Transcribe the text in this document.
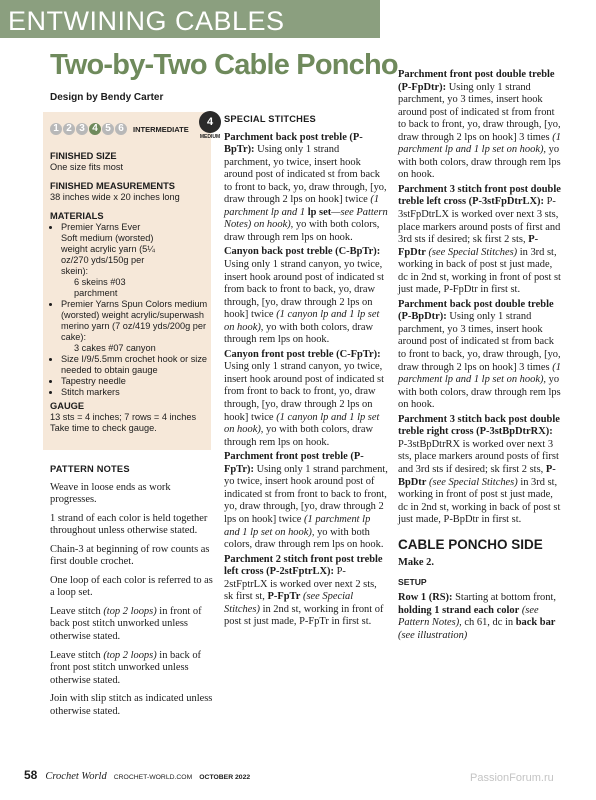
ENTWINING CABLES
Two-by-Two Cable Poncho
Design by Bendy Carter
1 2 3 4 5 6	INTERMEDIATE
FINISHED SIZE
One size fits most
FINISHED MEASUREMENTS
38 inches wide x 20 inches long
MATERIALS
• Premier Yarns Ever Soft medium (worsted) weight acrylic yarn (5¼ oz/270 yds/150g per skein):
6 skeins #03 parchment
• Premier Yarns Spun Colors medium (worsted) weight acrylic/superwash merino yarn (7 oz/419 yds/200g per cake):
3 cakes #07 canyon
• Size I/9/5.5mm crochet hook or size needed to obtain gauge
• Tapestry needle
• Stitch markers
GAUGE
13 sts = 4 inches; 7 rows = 4 inches
Take time to check gauge.
4
MEDIUM

PATTERN NOTES

Weave in loose ends as work progresses.

1 strand of each color is held together throughout unless otherwise stated.

Chain-3 at beginning of row counts as first double crochet.

One loop of each color is referred to as a loop set.

Leave stitch (top 2 loops) in front of back post stitch unworked unless otherwise stated.

Leave stitch (top 2 loops) in back of front post stitch unworked unless otherwise stated.

Join with slip stitch as indicated unless otherwise stated.

SPECIAL STITCHES

Parchment back post treble (P-BpTr): Using only 1 strand parchment, yo twice, insert hook around post of indicated st from back to front to back, yo, draw through, [yo, draw through 2 lps on hook] twice (1 parchment lp and 1 lp set—see Pattern Notes) on hook), yo with both colors, draw through rem lps on hook.

Canyon back post treble (C-BpTr): Using only 1 strand canyon, yo twice, insert hook around post of indicated st from back to front to back, yo, draw through, [yo, draw through 2 lps on hook] twice (1 canyon lp and 1 lp set on hook), yo with both colors, draw through rem lps on hook.

Canyon front post treble (C-FpTr): Using only 1 strand canyon, yo twice, insert hook around post of indicated st from front to back to front, yo, draw through, [yo, draw through 2 lps on hook] twice (1 canyon lp and 1 lp set on hook), yo with both colors, draw through rem lps on hook.

Parchment front post treble (P-FpTr): Using only 1 strand parchment, yo twice, insert hook around post of indicated st from front to back to front, yo, draw through, [yo, draw through 2 lps on hook] twice (1 parchment lp and 1 lp set on hook), yo with both colors, draw through rem lps on hook.

Parchment 2 stitch front post treble left cross (P-2stFptrLX): P-2stFptrLX is worked over next 2 sts, sk first st, P-FpTr (see Special Stitches) in 2nd st, working in front of post st just made, P-FpTr in first st.

Parchment front post double treble (P-FpDtr): Using only 1 strand parchment, yo 3 times, insert hook around post of indicated st from front to back to front, yo, draw through, [yo, draw through 2 lps on hook] 3 times (1 parchment lp and 1 lp set on hook), yo with both colors, draw through rem lps on hook.

Parchment 3 stitch front post double treble left cross (P-3stFpDtrLX): P-3stFpDtrLX is worked over next 3 sts, place markers around posts of first and 3rd sts if desired; sk first 2 sts, P-FpDtr (see Special Stitches) in 3rd st, working in back of post st just made, dc in 2nd st, working in front of post st just made, P-FpDtr in first st.

Parchment back post double treble (P-BpDtr): Using only 1 strand parchment, yo 3 times, insert hook around post of indicated st from back to front to back, yo, draw through, [yo, draw through 2 lps on hook] 3 times (1 parchment lp and 1 lp set on hook), yo with both colors, draw through rem lps on hook.

Parchment 3 stitch back post double treble right cross (P-3stBpDtrRX): P-3stBpDtrRX is worked over next 3 sts, place markers around posts of first and 3rd sts if desired; sk first 2 sts, P-BpDtr (see Special Stitches) in 3rd st, working in front of post st just made, dc in 2nd st, working in back of post st just made, P-BpDtr in first st.

CABLE PONCHO SIDE

Make 2.

SETUP

Row 1 (RS): Starting at bottom front, holding 1 strand each color (see Pattern Notes), ch 61, dc in back bar (see illustration)

58 Crochet World CROCHET-WORLD.COM OCTOBER 2022	PassionForum.ru
